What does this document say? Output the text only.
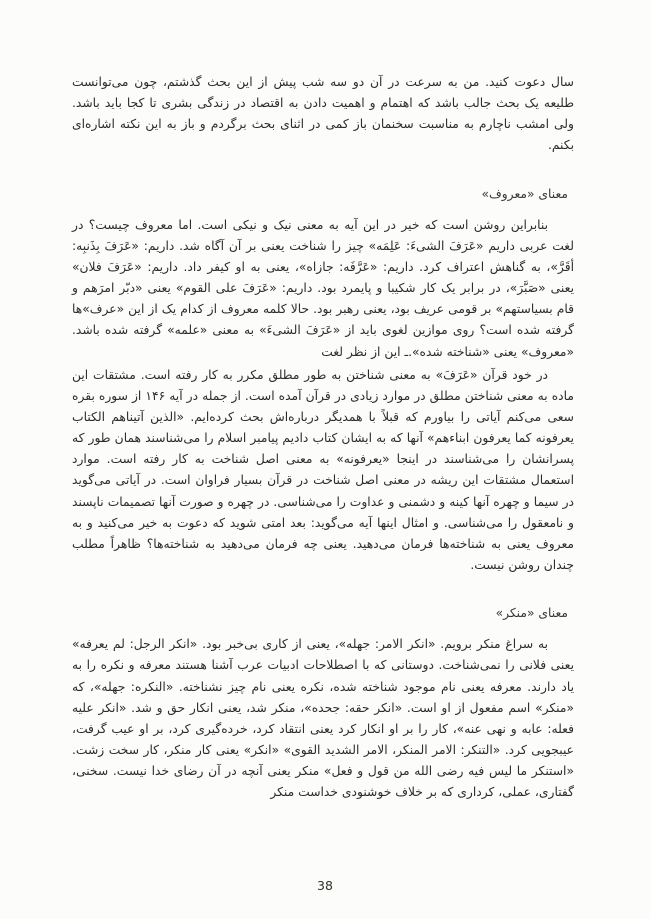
سال دعوت کنید. من به سرعت در آن دو سه شب پیش از این بحث گذشتم، چون می‌توانست طلیعه یک بحث جالب باشد که اهتمام و اهمیت دادن به اقتصاد در زندگی بشری تا کجا باید باشد. ولی امشب ناچارم به مناسبت سخنمان باز کمی در اثنای بحث برگردم و باز به این نکته اشاره‌ای بکنم.

معنای «معروف»

بنابراین روشن است که خیر در این آیه به معنی نیک و نیکی است. اما معروف چیست؟ در لغت عربی داریم «عَرَفَ الشیءَ: عَلِمَه» چیز را شناخت یعنی بر آن آگاه شد. داریم: «عَرَفَ بِذَنبِه: أقَرَّ»، به گناهش اعتراف کرد. داریم: «عَرَّفَه: جازاه»، یعنی به او کیفر داد. داریم: «عَرَفَ فلان» یعنی «صَبَّرَ»، در برابر یک کار شکیبا و پایمرد بود. داریم: «عَرَفَ علی القوم» یعنی «دبّر امرَهم و قام بسیاستهم» بر قومی عریف بود، یعنی رهبر بود. حالا کلمه معروف از کدام یک از این «عرف»ها گرفته شده است؟ روی موازین لغوی باید از «عَرَفَ الشیءَ» به معنی «علمه» گرفته شده باشد. «معروف» یعنی «شناخته شده».ـ این از نظر لغت

در خود قرآن «عَرَفَ» به معنی شناختن به طور مطلق مکرر به کار رفته است. مشتقات این ماده به معنی شناختن مطلق در موارد زیادی در قرآن آمده است. از جمله در آیه ۱۴۶ از سوره بقره سعی می‌کنم آیاتی را بیاورم که قبلاً با همدیگر درباره‌اش بحث کرده‌ایم. «الذین آتیناهم الکتاب یعرفونه کما یعرفون ابناءهم» آنها که به ایشان کتاب دادیم پیامبر اسلام را می‌شناسند همان طور که پسرانشان را می‌شناسند در اینجا «یعرفونه» به معنی اصل شناخت به کار رفته است. موارد استعمال مشتقات این ریشه در معنی اصل شناخت در قرآن بسیار فراوان است. در آیاتی می‌گوید در سیما و چهره آنها کینه و دشمنی و عداوت را می‌شناسی. در چهره و صورت آنها تصمیمات ناپسند و نامعقول را می‌شناسی. و امثال اینها آیه می‌گوید: بعد امتی شوید که دعوت به خیر می‌کنید و به معروف یعنی به شناخته‌ها فرمان می‌دهید. یعنی چه فرمان می‌دهید به شناخته‌ها؟ ظاهراً مطلب چندان روشن نیست.

معنای «منکر»

به سراغ منکر برویم. «انکر الامر: جهله»، یعنی از کاری بی‌خبر بود. «انکر الرجل: لم یعرفه» یعنی فلانی را نمی‌شناخت. دوستانی که با اصطلاحات ادبیات عرب آشنا هستند معرفه و نکره را به یاد دارند. معرفه یعنی نام موجود شناخته شده، نکره یعنی نام چیز نشناخته. «النکره: جهله»، که «منکر» اسم مفعول از او است. «انکر حقه: جحده»، منکر شد، یعنی انکار حق و شد. «انکر علیه فعله: عابه و نهی عنه»، کار را بر او انکار کرد یعنی انتقاد کرد، خرده‌گیری کرد، بر او عیب گرفت، عیبجویی کرد. «التنکر: الامر المنکر، الامر الشدید القوی» «انکر» یعنی کار منکر، کار سخت زشت. «استنکر ما لیس فیه رضی الله من قول و فعل» منکر یعنی آنچه در آن رضای خدا نیست. سخنی، گفتاری، عملی، کرداری که بر خلاف خوشنودی خداست منکر

38
